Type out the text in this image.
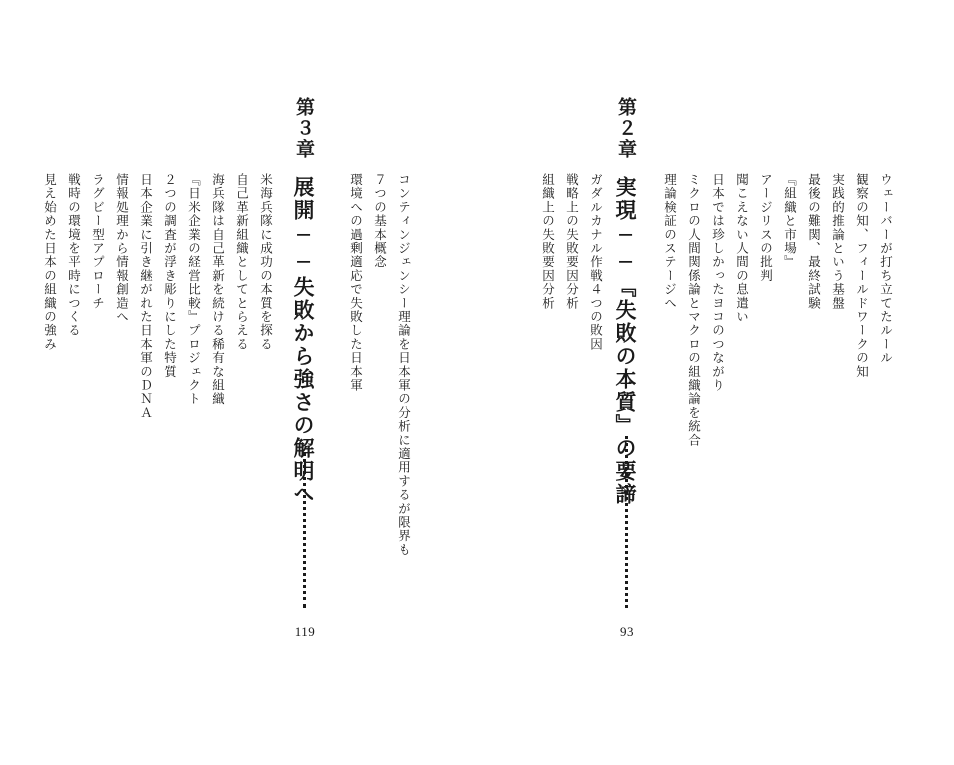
ウェーバーが打ち立てたルール
観察の知、フィールドワークの知
実践的推論という基盤
最後の難関、最終試験
『組織と市場』
アージリスの批判
聞こえない人間の息遣い
日本では珍しかったヨコのつながり
ミクロの人間関係論とマクロの組織論を統合
理論検証のステージへ
第２章
実現──『失敗の本質』の要諦
93
ガダルカナル作戦４つの敗因
戦略上の失敗要因分析
組織上の失敗要因分析
コンティンジェンシー理論を日本軍の分析に適用するが限界も
７つの基本概念
環境への過剰適応で失敗した日本軍
第３章
展開──失敗から強さの解明へ
119
米海兵隊に成功の本質を探る
自己革新組織としてとらえる
海兵隊は自己革新を続ける稀有な組織
『日米企業の経営比較』プロジェクト
２つの調査が浮き彫りにした特質
日本企業に引き継がれた日本軍のＤＮＡ
情報処理から情報創造へ
ラグビー型アプローチ
戦時の環境を平時につくる
見え始めた日本の組織の強み
